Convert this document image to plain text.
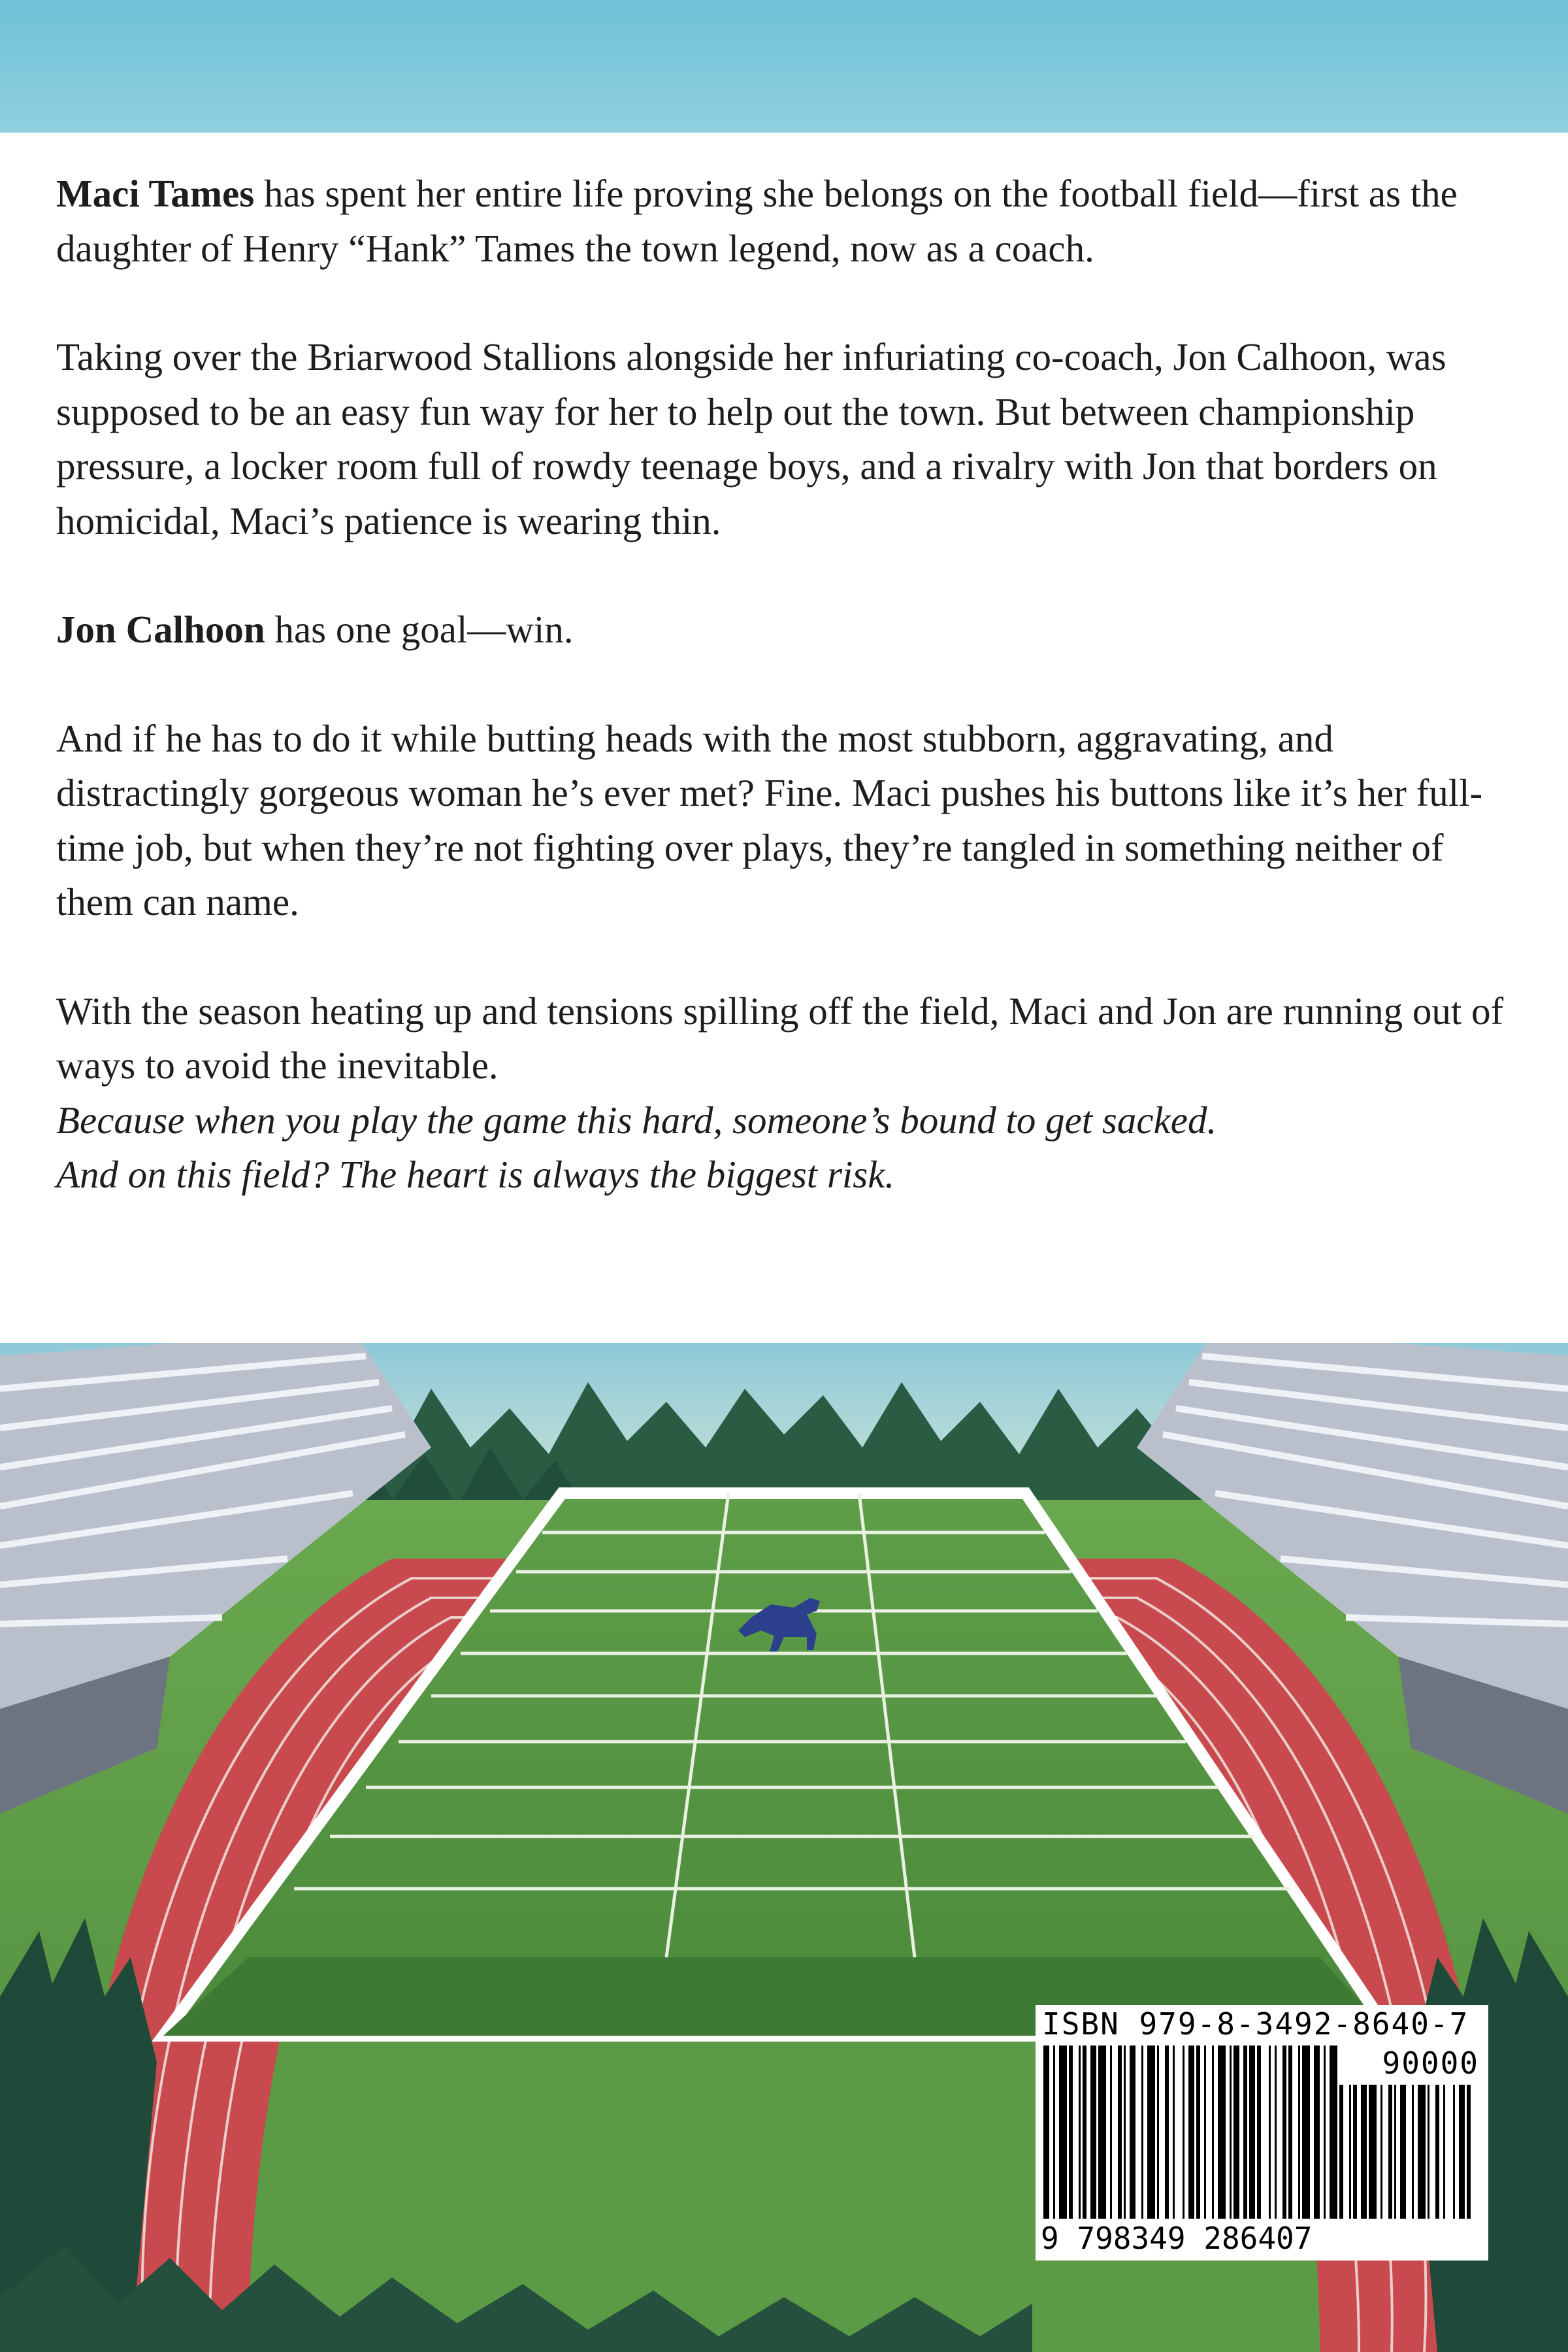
Maci Tames has spent her entire life proving she belongs on the football field—first as the daughter of Henry “Hank” Tames the town legend, now as a coach.

Taking over the Briarwood Stallions alongside her infuriating co-coach, Jon Calhoon, was supposed to be an easy fun way for her to help out the town. But between championship pressure, a locker room full of rowdy teenage boys, and a rivalry with Jon that borders on homicidal, Maci’s patience is wearing thin.

Jon Calhoon has one goal—win.

And if he has to do it while butting heads with the most stubborn, aggravating, and distractingly gorgeous woman he’s ever met? Fine. Maci pushes his buttons like it’s her full-time job, but when they’re not fighting over plays, they’re tangled in something neither of them can name.

With the season heating up and tensions spilling off the field, Maci and Jon are running out of ways to avoid the inevitable.

Because when you play the game this hard, someone’s bound to get sacked.

And on this field? The heart is always the biggest risk.

ISBN 979-8-3492-8640-7
90000
9 798349 286407
